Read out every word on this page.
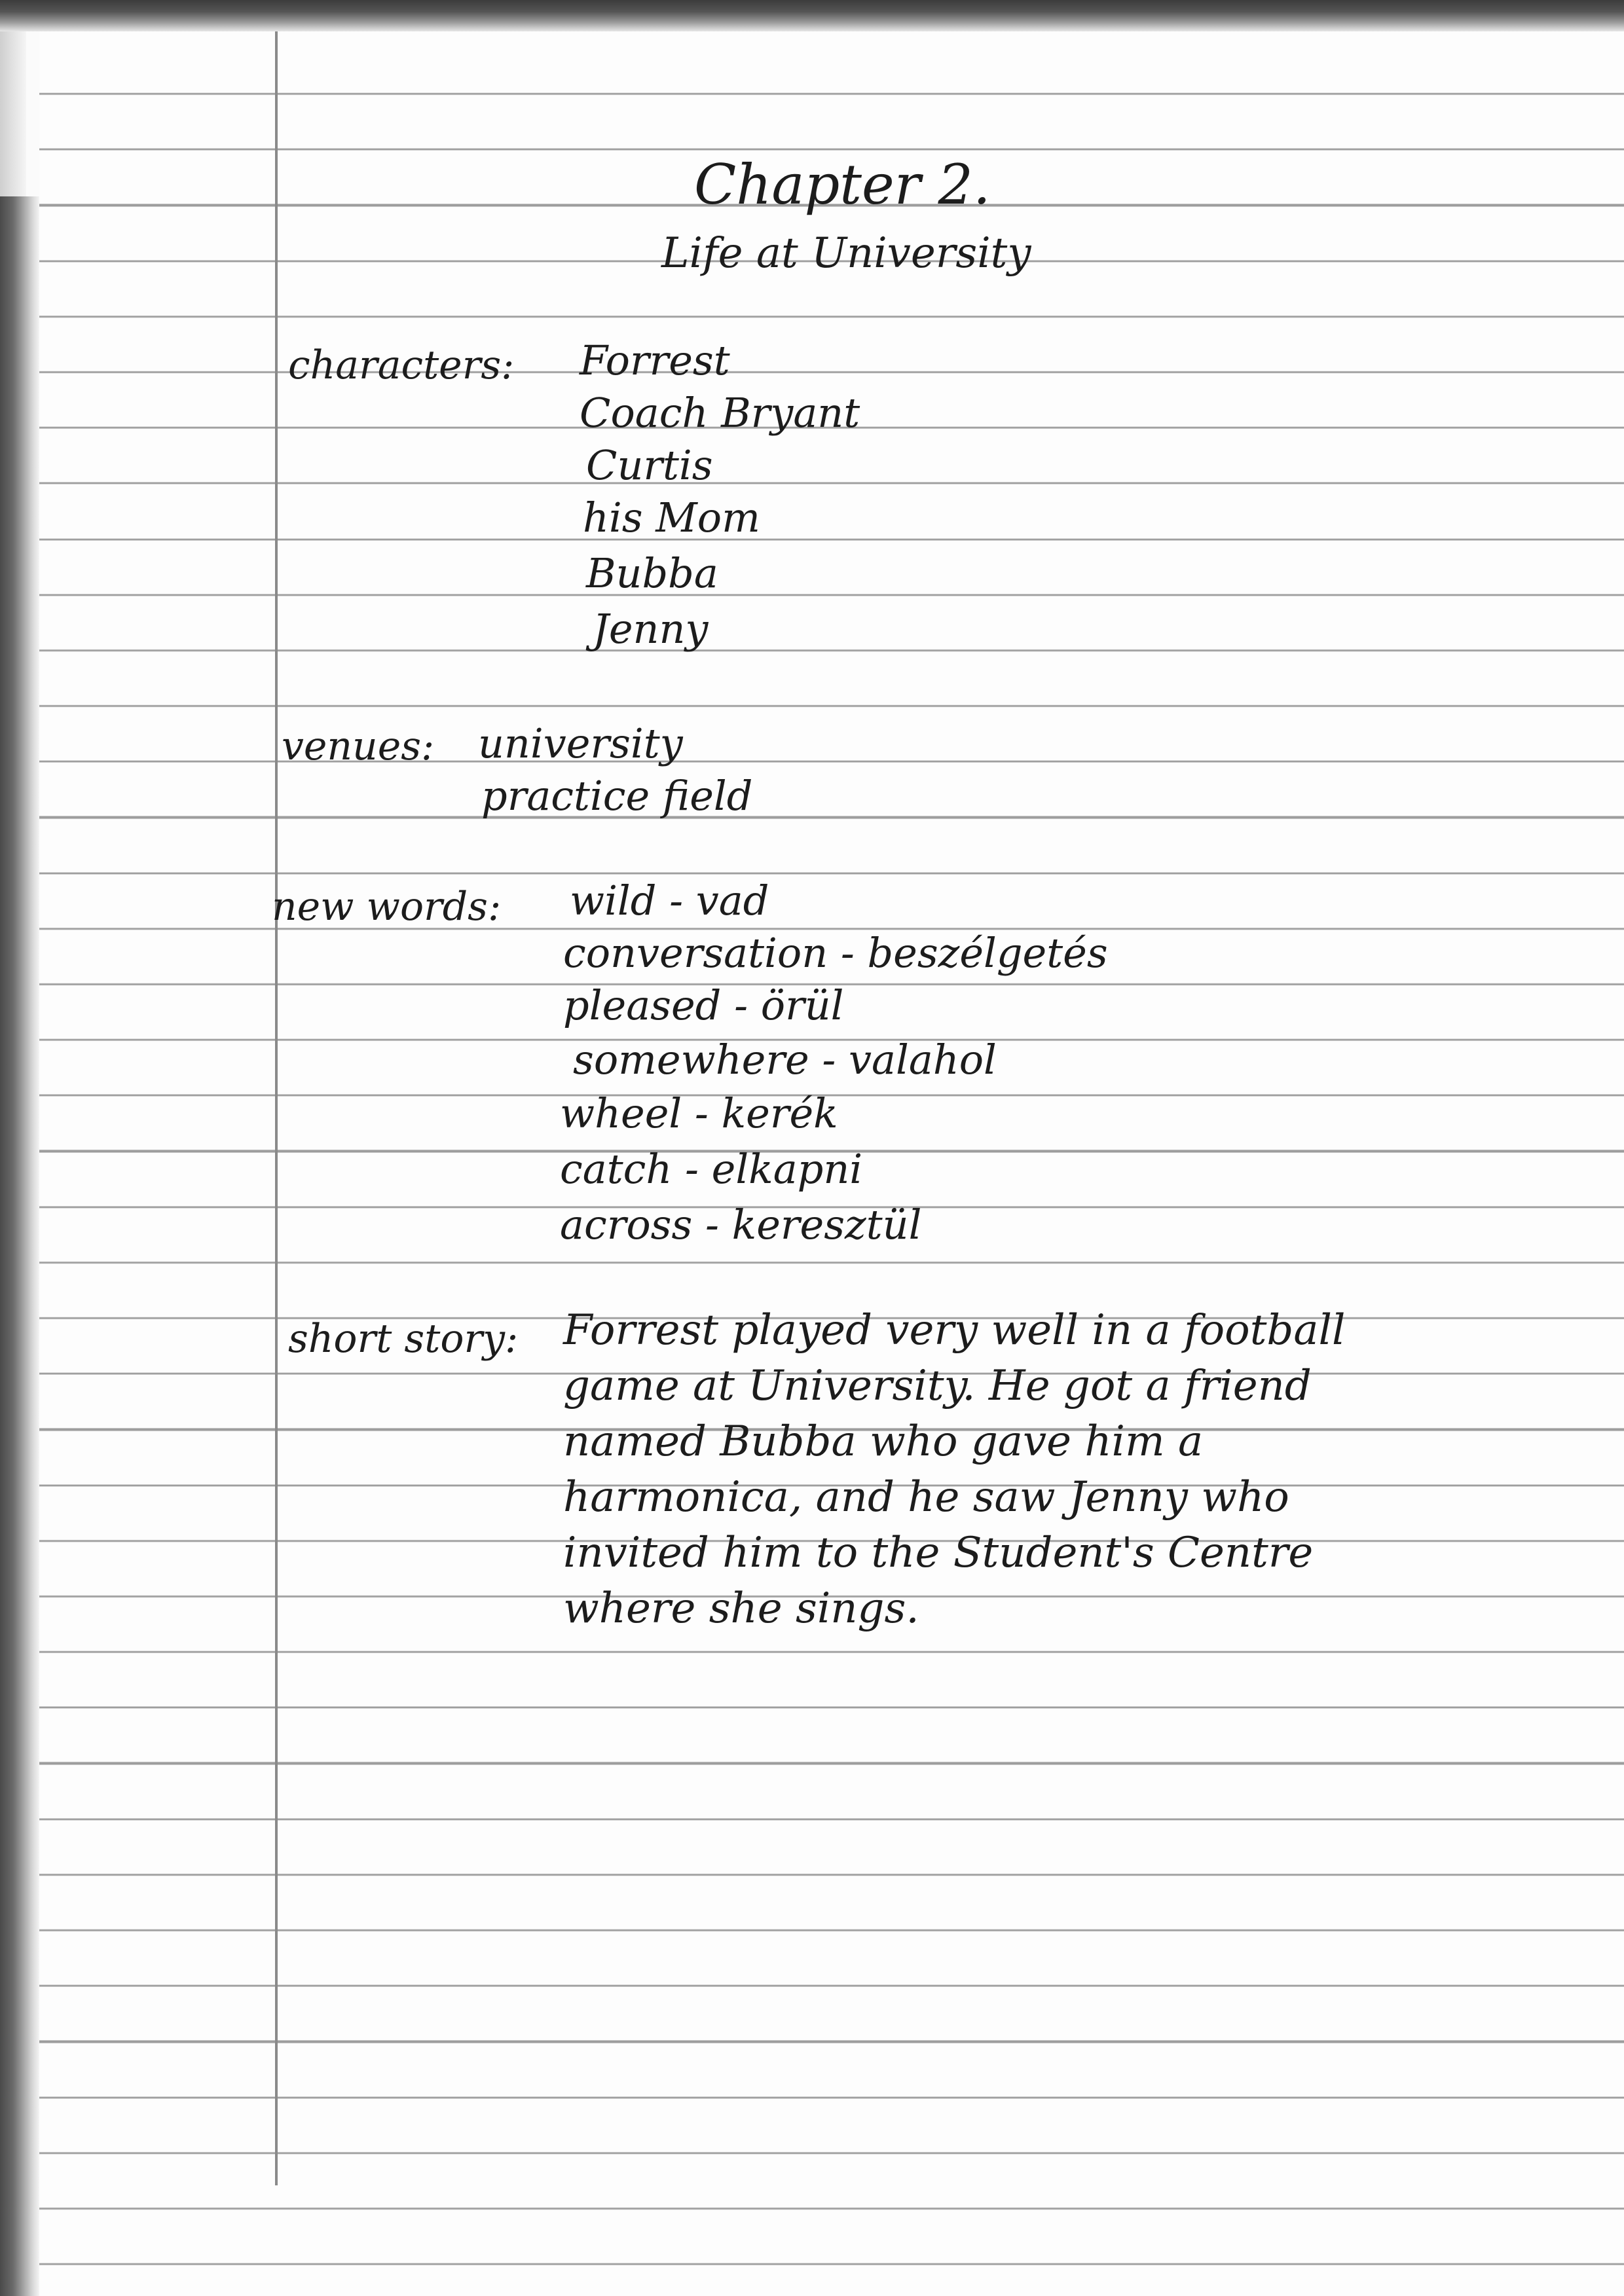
Chapter 2.
Life at University
characters: Forrest
Coach Bryant
Curtis
his Mom
Bubba
Jenny
venues: university
practice field
new words: wild - vad
conversation - beszélgetés
pleased - örül
somewhere - valahol
wheel - kerék
catch - elkapni
across - keresztül
short story: Forrest played very well in a football
game at University. He got a friend
named Bubba who gave him a
harmonica, and he saw Jenny who
invited him to the Student's Centre
where she sings.
